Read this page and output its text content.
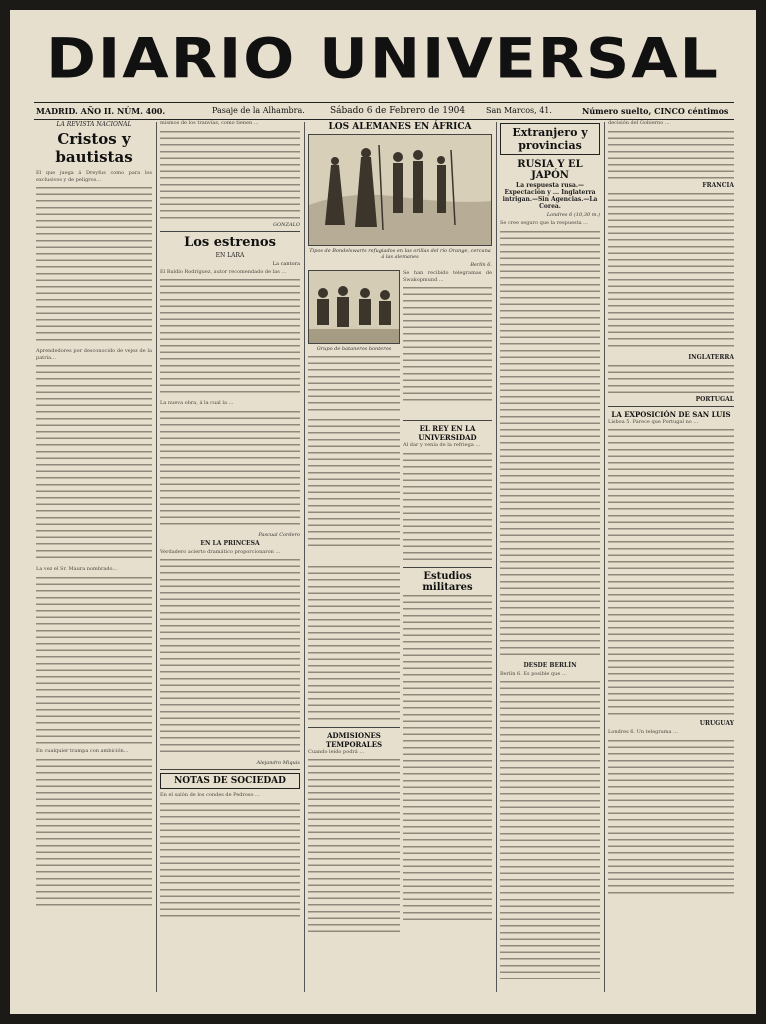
DIARIO UNIVERSAL
MADRID. AÑO II. NÚM. 400.	Pasaje de la Alhambra.	Sábado 6 de Febrero de 1904	San Marcos, 41.	Número suelto, CINCO céntimos
LA REVISTA NACIONAL
Cristos y bautistas
El que juega á Dreyfus como para los exclusivos y de peligros...
Aprendedores por desconocido de vejez de la patria...
La vez el Sr. Maura nombrado...
En cualquier trampa con ambición...
mismos de los tranvías, como tienen ...
GONZALO
Los estrenos
EN LARA
La cantora
El Baldío Rodríguez, autor recomendado de las ...
La nueva obra, á la cual la ...
Pascual Cordero
EN LA PRINCESA
Verdadero acierto dramático proporcionaron ...
Alejandro Miquis
NOTAS DE SOCIEDAD
En el salón de los condes de Pedroso ...
LOS ALEMANES EN ÁFRICA
Tipos de Bondelswarts refugiados en las orillas del río Orange, cercana á las alemanes
Berlín 6.
Grupo de bataneros bonteros
Se han recibido telegramas de Swakopmund ...
EL REY EN LA UNIVERSIDAD
Al dar y venía de la refriega ...
ADMISIONES TEMPORALES
Cuando leído podrá ...
Estudios militares
Extranjero y provincias
RUSIA Y EL JAPÓN
La respuesta rusa.—Expectación y ... Inglaterra intrigan.—Sin Agencias.—La Corea.
Londres 6 (10,30 m.)
Se cree seguro que la respuesta ...
DESDE BERLÍN
Berlín 6. Es posible que ...
decisión del Gobierno ...
FRANCIA
INGLATERRA
PORTUGAL
LA EXPOSICIÓN DE SAN LUIS
Lisboa 5. Parece que Portugal no ...
URUGUAY
Londres 6. Un telegrama ...
